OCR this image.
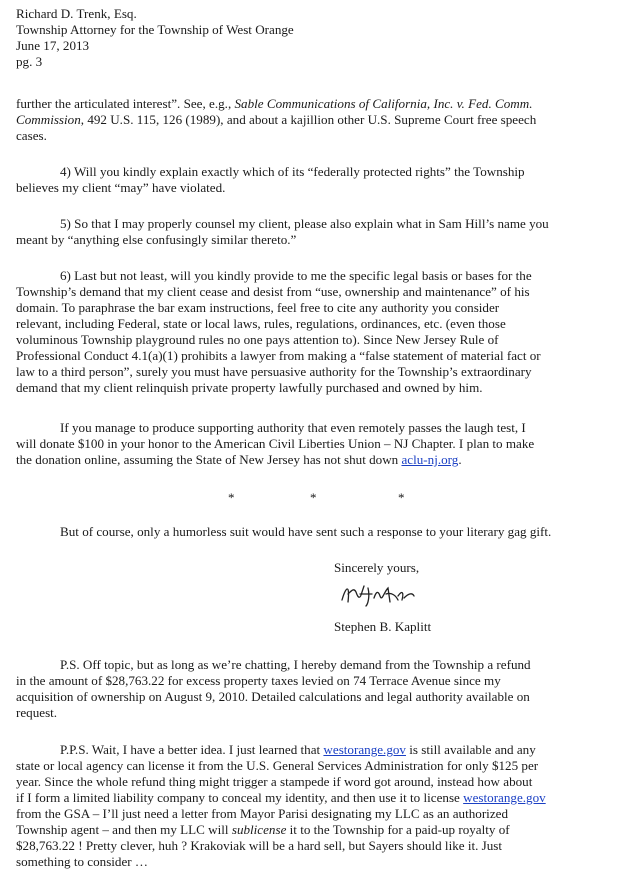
Richard D. Trenk, Esq.
Township Attorney for the Township of West Orange
June 17, 2013
pg. 3
further the articulated interest”. See, e.g., Sable Communications of California, Inc. v. Fed. Comm.
Commission, 492 U.S. 115, 126 (1989), and about a kajillion other U.S. Supreme Court free speech
cases.
4) Will you kindly explain exactly which of its “federally protected rights” the Township
believes my client “may” have violated.
5) So that I may properly counsel my client, please also explain what in Sam Hill’s name you
meant by “anything else confusingly similar thereto.”
6) Last but not least, will you kindly provide to me the specific legal basis or bases for the
Township’s demand that my client cease and desist from “use, ownership and maintenance” of his
domain. To paraphrase the bar exam instructions, feel free to cite any authority you consider
relevant, including Federal, state or local laws, rules, regulations, ordinances, etc. (even those
voluminous Township playground rules no one pays attention to). Since New Jersey Rule of
Professional Conduct 4.1(a)(1) prohibits a lawyer from making a “false statement of material fact or
law to a third person”, surely you must have persuasive authority for the Township’s extraordinary
demand that my client relinquish private property lawfully purchased and owned by him.
If you manage to produce supporting authority that even remotely passes the laugh test, I
will donate $100 in your honor to the American Civil Liberties Union – NJ Chapter. I plan to make
the donation online, assuming the State of New Jersey has not shut down aclu-nj.org.
*	*	*
But of course, only a humorless suit would have sent such a response to your literary gag gift.
Sincerely yours,
Stephen B. Kaplitt
P.S. Off topic, but as long as we’re chatting, I hereby demand from the Township a refund
in the amount of $28,763.22 for excess property taxes levied on 74 Terrace Avenue since my
acquisition of ownership on August 9, 2010. Detailed calculations and legal authority available on
request.
P.P.S. Wait, I have a better idea. I just learned that westorange.gov is still available and any
state or local agency can license it from the U.S. General Services Administration for only $125 per
year. Since the whole refund thing might trigger a stampede if word got around, instead how about
if I form a limited liability company to conceal my identity, and then use it to license westorange.gov
from the GSA – I’ll just need a letter from Mayor Parisi designating my LLC as an authorized
Township agent – and then my LLC will sublicense it to the Township for a paid-up royalty of
$28,763.22 ! Pretty clever, huh ? Krakoviak will be a hard sell, but Sayers should like it. Just
something to consider …
